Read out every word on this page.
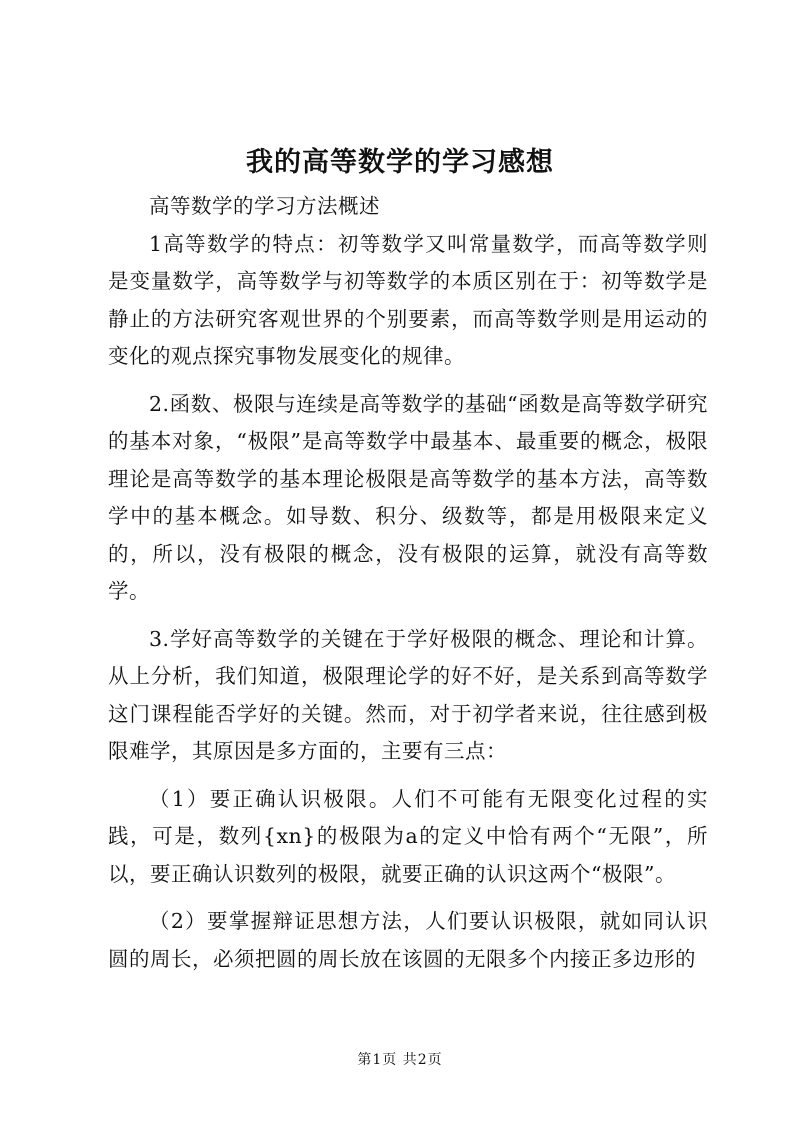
我的高等数学的学习感想

高等数学的学习方法概述

1高等数学的特点：初等数学又叫常量数学，而高等数学则是变量数学，高等数学与初等数学的本质区别在于：初等数学是静止的方法研究客观世界的个别要素，而高等数学则是用运动的变化的观点探究事物发展变化的规律。

2.函数、极限与连续是高等数学的基础“函数是高等数学研究的基本对象，“极限”是高等数学中最基本、最重要的概念，极限理论是高等数学的基本理论极限是高等数学的基本方法，高等数学中的基本概念。如导数、积分、级数等，都是用极限来定义的，所以，没有极限的概念，没有极限的运算，就没有高等数学。

3.学好高等数学的关键在于学好极限的概念、理论和计算。从上分析，我们知道，极限理论学的好不好，是关系到高等数学这门课程能否学好的关键。然而，对于初学者来说，往往感到极限难学，其原因是多方面的，主要有三点：

（1）要正确认识极限。人们不可能有无限变化过程的实践，可是，数列{xn}的极限为a的定义中恰有两个“无限”，所以，要正确认识数列的极限，就要正确的认识这两个“极限”。

（2）要掌握辩证思想方法，人们要认识极限，就如同认识圆的周长，必须把圆的周长放在该圆的无限多个内接正多边形的

第1页 共2页
